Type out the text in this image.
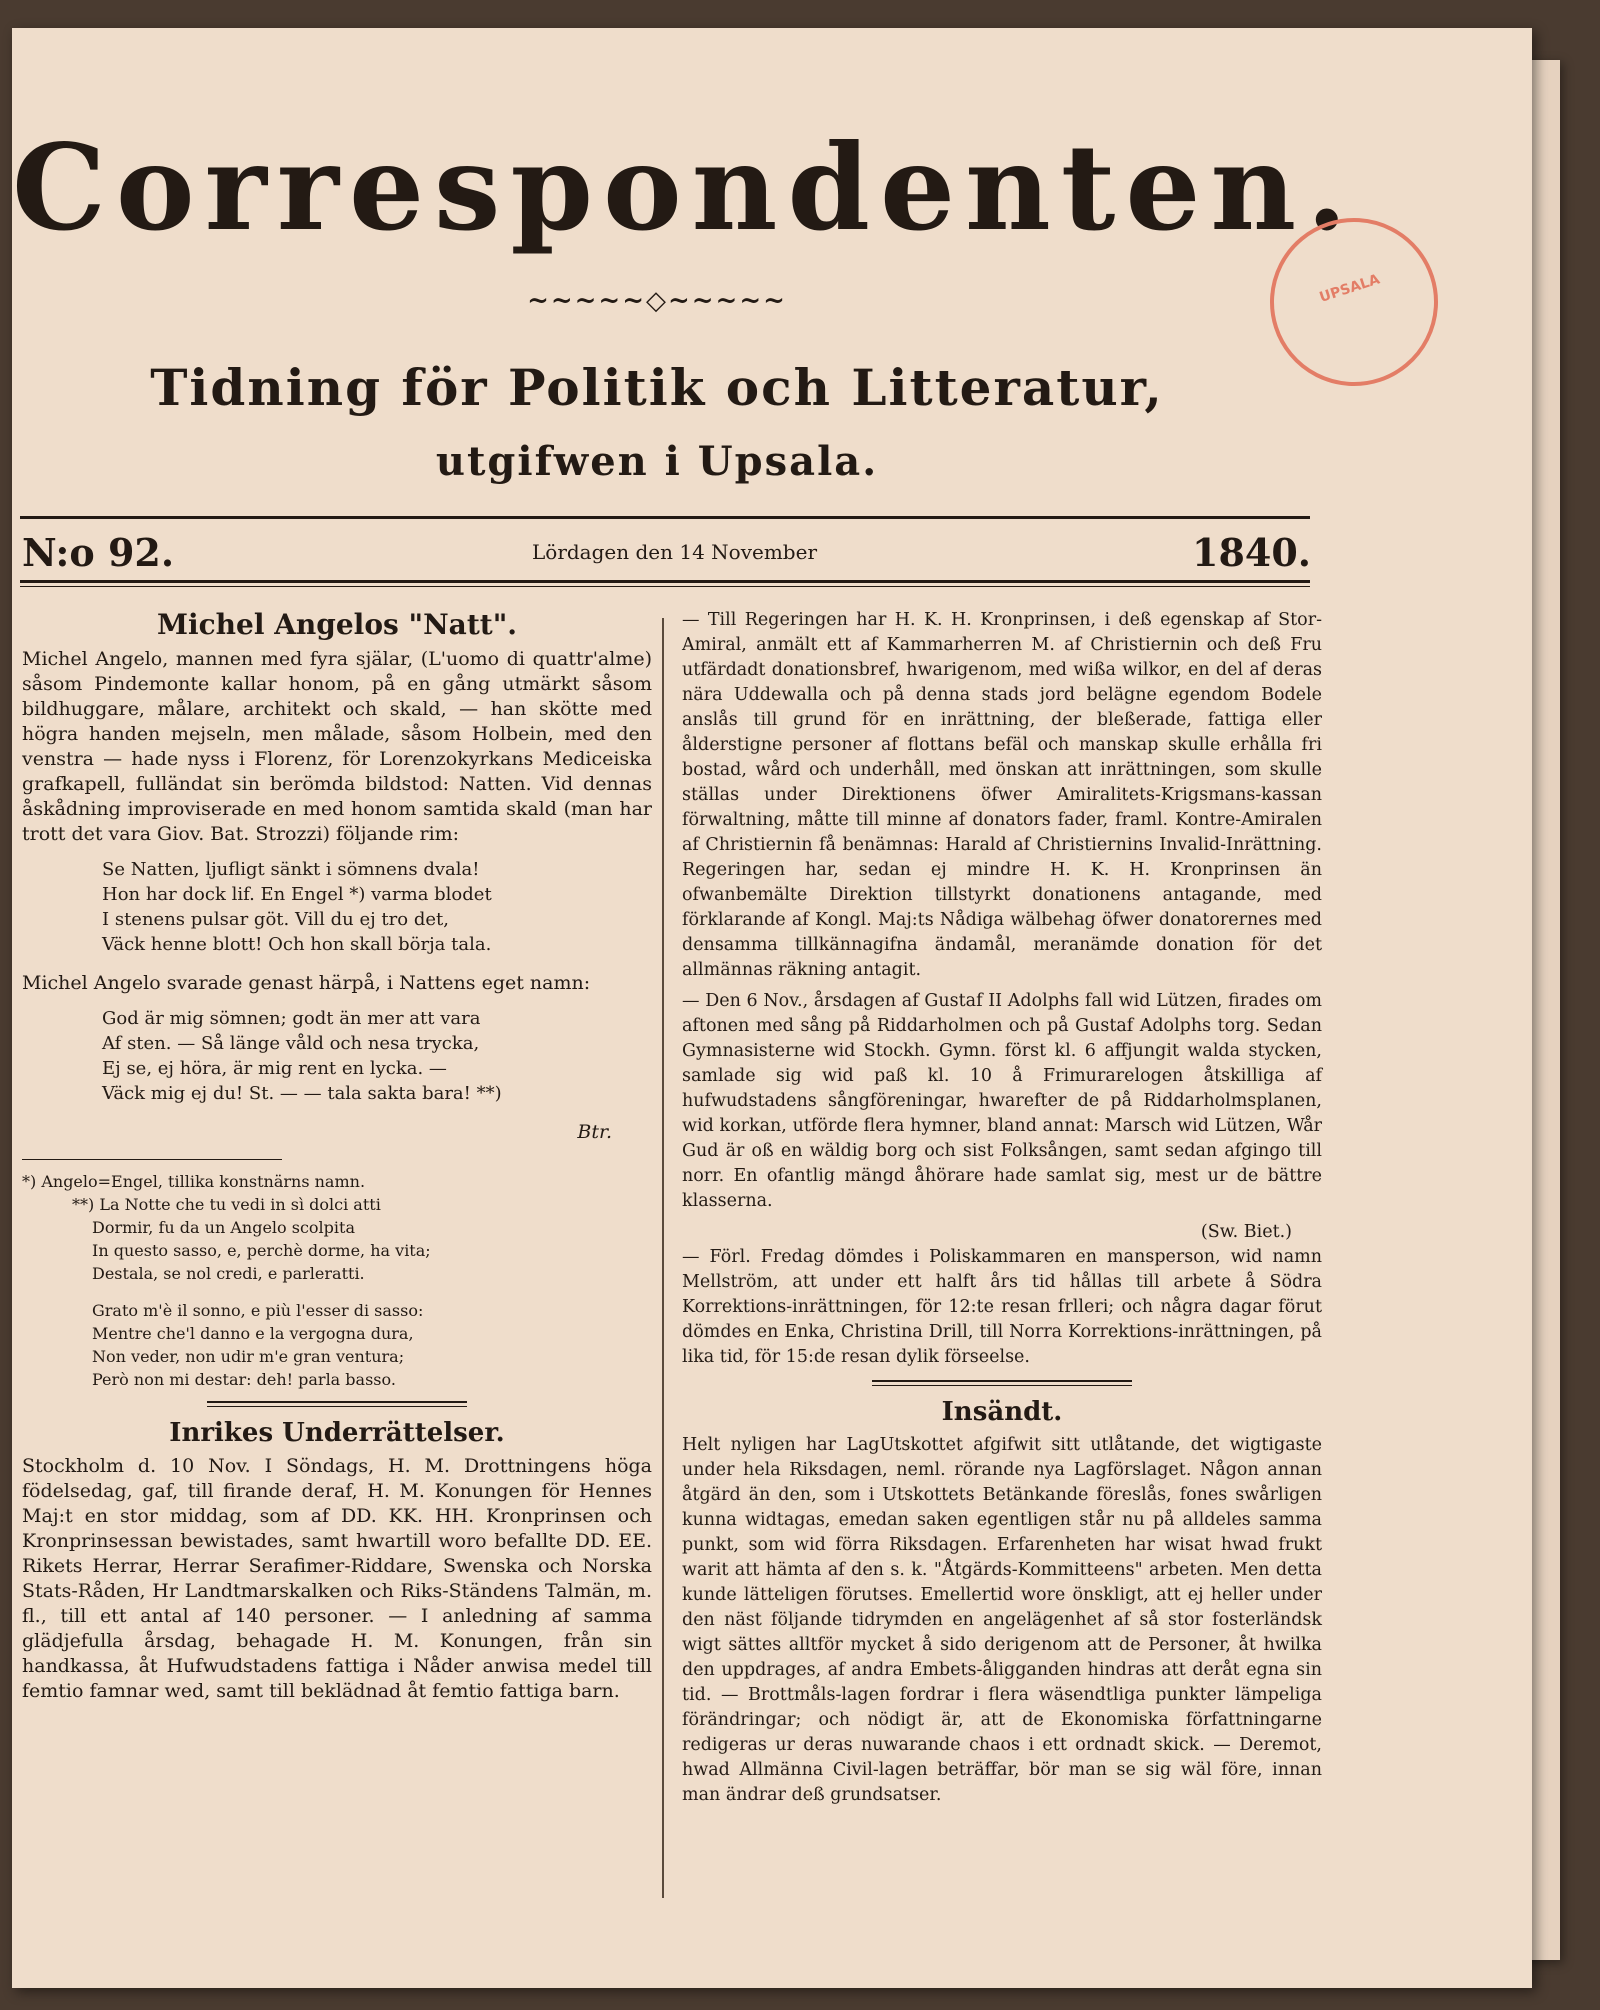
Correspondenten.
~~~~~◇~~~~~
Tidning för Politik och Litteratur,
utgifwen i Upsala.
UPSALA
N:o 92.	Lördagen den 14 November	1840.
Michel Angelos "Natt".

Michel Angelo, mannen med fyra själar, (L'uomo di quattr'alme) såsom Pindemonte kallar honom, på en gång utmärkt såsom bildhuggare, målare, architekt och skald, — han skötte med högra handen mejseln, men målade, såsom Holbein, med den venstra — hade nyss i Florenz, för Lorenzokyrkans Mediceiska grafkapell, fulländat sin berömda bildstod: Natten. Vid dennas åskådning improviserade en med honom samtida skald (man har trott det vara Giov. Bat. Strozzi) följande rim:

Se Natten, ljufligt sänkt i sömnens dvala!
Hon har dock lif. En Engel *) varma blodet
I stenens pulsar göt. Vill du ej tro det,
Väck henne blott! Och hon skall börja tala.

Michel Angelo svarade genast härpå, i Nattens eget namn:

God är mig sömnen; godt än mer att vara
Af sten. — Så länge våld och nesa trycka,
Ej se, ej höra, är mig rent en lycka. —
Väck mig ej du! St. — — tala sakta bara! **)
Btr.
*) Angelo=Engel, tillika konstnärns namn.
**) La Notte che tu vedi in sì dolci atti
Dormir, fu da un Angelo scolpita
In questo sasso, e, perchè dorme, ha vita;
Destala, se nol credi, e parleratti.
Grato m'è il sonno, e più l'esser di sasso:
Mentre che'l danno e la vergogna dura,
Non veder, non udir m'e gran ventura;
Però non mi destar: deh! parla basso.
Inrikes Underrättelser.

Stockholm d. 10 Nov. I Söndags, H. M. Drottningens höga födelsedag, gaf, till firande deraf, H. M. Konungen för Hennes Maj:t en stor middag, som af DD. KK. HH. Kronprinsen och Kronprinsessan bewistades, samt hwartill woro befallte DD. EE. Rikets Herrar, Herrar Serafimer-Riddare, Swenska och Norska Stats-Råden, Hr Landtmarskalken och Riks-Ständens Talmän, m. fl., till ett antal af 140 personer. — I anledning af samma glädjefulla årsdag, behagade H. M. Konungen, från sin handkassa, åt Hufwudstadens fattiga i Nåder anwisa medel till femtio famnar wed, samt till beklädnad åt femtio fattiga barn.

— Till Regeringen har H. K. H. Kronprinsen, i deß egenskap af Stor-Amiral, anmält ett af Kammarherren M. af Christiernin och deß Fru utfärdadt donationsbref, hwarigenom, med wißa wilkor, en del af deras nära Uddewalla och på denna stads jord belägne egendom Bodele anslås till grund för en inrättning, der bleßerade, fattiga eller ålderstigne personer af flottans befäl och manskap skulle erhålla fri bostad, wård och underhåll, med önskan att inrättningen, som skulle ställas under Direktionens öfwer Amiralitets-Krigsmans-kassan förwaltning, måtte till minne af donators fader, framl. Kontre-Amiralen af Christiernin få benämnas: Harald af Christiernins Invalid-Inrättning. Regeringen har, sedan ej mindre H. K. H. Kronprinsen än ofwanbemälte Direktion tillstyrkt donationens antagande, med förklarande af Kongl. Maj:ts Nådiga wälbehag öfwer donatorernes med densamma tillkännagifna ändamål, meranämde donation för det allmännas räkning antagit.

— Den 6 Nov., årsdagen af Gustaf II Adolphs fall wid Lützen, firades om aftonen med sång på Riddarholmen och på Gustaf Adolphs torg. Sedan Gymnasisterne wid Stockh. Gymn. först kl. 6 affjungit walda stycken, samlade sig wid paß kl. 10 å Frimurarelogen åtskilliga af hufwudstadens sångföreningar, hwarefter de på Riddarholmsplanen, wid korkan, utförde flera hymner, bland annat: Marsch wid Lützen, Wår Gud är oß en wäldig borg och sist Folksången, samt sedan afgingo till norr. En ofantlig mängd åhörare hade samlat sig, mest ur de bättre klasserna.

(Sw. Biet.)

— Förl. Fredag dömdes i Poliskammaren en mansperson, wid namn Mellström, att under ett halft års tid hållas till arbete å Södra Korrektions-inrättningen, för 12:te resan frlleri; och några dagar förut dömdes en Enka, Christina Drill, till Norra Korrektions-inrättningen, på lika tid, för 15:de resan dylik förseelse.

Insändt.

Helt nyligen har LagUtskottet afgifwit sitt utlåtande, det wigtigaste under hela Riksdagen, neml. rörande nya Lagförslaget. Någon annan åtgärd än den, som i Utskottets Betänkande föreslås, fones swårligen kunna widtagas, emedan saken egentligen står nu på alldeles samma punkt, som wid förra Riksdagen. Erfarenheten har wisat hwad frukt warit att hämta af den s. k. "Åtgärds-Kommitteens" arbeten. Men detta kunde lätteligen förutses. Emellertid wore önskligt, att ej heller under den näst följande tidrymden en angelägenhet af så stor fosterländsk wigt sättes alltför mycket å sido derigenom att de Personer, åt hwilka den uppdrages, af andra Embets-åligganden hindras att deråt egna sin tid. — Brottmåls-lagen fordrar i flera wäsendtliga punkter lämpeliga förändringar; och nödigt är, att de Ekonomiska författningarne redigeras ur deras nuwarande chaos i ett ordnadt skick. — Deremot, hwad Allmänna Civil-lagen beträffar, bör man se sig wäl före, innan man ändrar deß grundsatser.
